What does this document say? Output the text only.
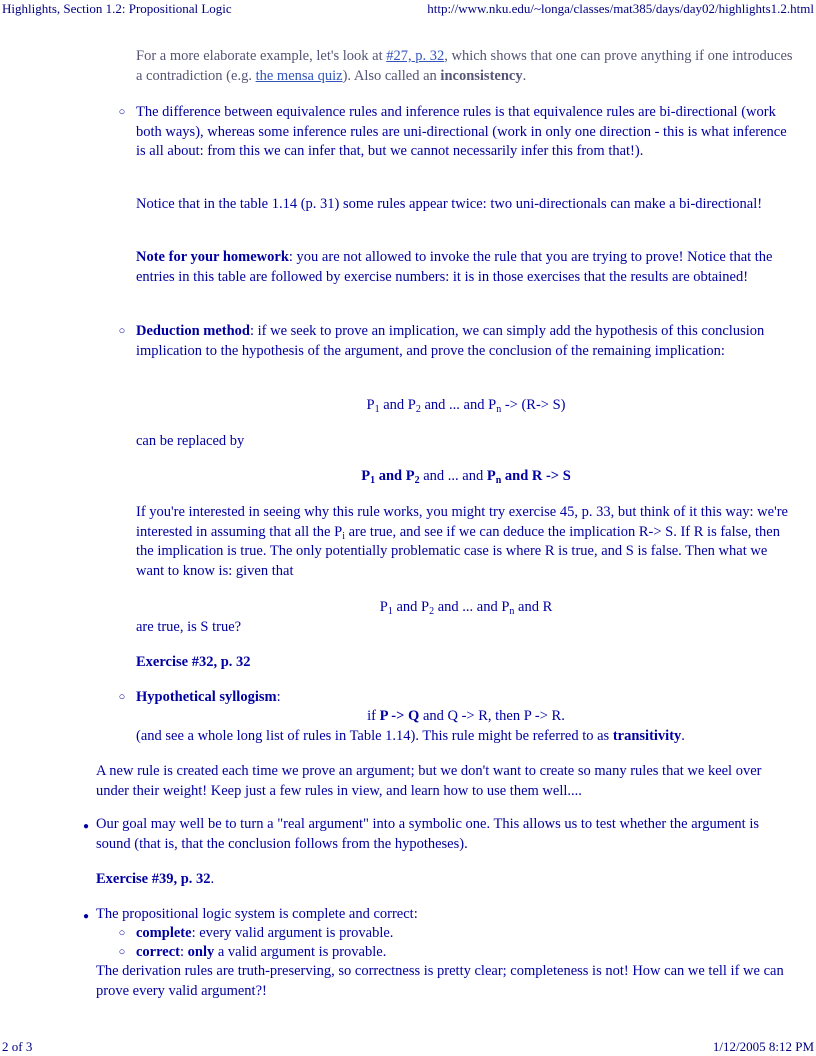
Highlights, Section 1.2: Propositional Logic	http://www.nku.edu/~longa/classes/mat385/days/day02/highlights1.2.html

For a more elaborate example, let's look at #27, p. 32, which shows that one can prove anything if one introduces a contradiction (e.g. the mensa quiz). Also called an inconsistency.

○ The difference between equivalence rules and inference rules is that equivalence rules are bi-directional (work both ways), whereas some inference rules are uni-directional (work in only one direction - this is what inference is all about: from this we can infer that, but we cannot necessarily infer this from that!).

Notice that in the table 1.14 (p. 31) some rules appear twice: two uni-directionals can make a bi-directional!

Note for your homework: you are not allowed to invoke the rule that you are trying to prove! Notice that the entries in this table are followed by exercise numbers: it is in those exercises that the results are obtained!

○ Deduction method: if we seek to prove an implication, we can simply add the hypothesis of this conclusion implication to the hypothesis of the argument, and prove the conclusion of the remaining implication:

$P_1$ and $P_2$ and ... and $P_n -> (R-> S)$

can be replaced by

$P_1$ and $P_2$ and ... and $P_n$ and R -> S

If you're interested in seeing why this rule works, you might try exercise 45, p. 33, but think of it this way: we're interested in assuming that all the $P_i$ are true, and see if we can deduce the implication R-> S. If R is false, then the implication is true. The only potentially problematic case is where R is true, and S is false. Then what we want to know is: given that

$P_1$ and $P_2$ and ... and $P_n$ and R

are true, is S true?

Exercise #32, p. 32

○ Hypothetical syllogism:

if P -> Q and Q -> R, then P -> R.

(and see a whole long list of rules in Table 1.14). This rule might be referred to as transitivity.

A new rule is created each time we prove an argument; but we don't want to create so many rules that we keel over under their weight! Keep just a few rules in view, and learn how to use them well....

● Our goal may well be to turn a "real argument" into a symbolic one. This allows us to test whether the argument is sound (that is, that the conclusion follows from the hypotheses).

Exercise #39, p. 32.

● The propositional logic system is complete and correct:

○ complete: every valid argument is provable.

○ correct: only a valid argument is provable.

The derivation rules are truth-preserving, so correctness is pretty clear; completeness is not! How can we tell if we can prove every valid argument?!

2 of 3	1/12/2005 8:12 PM
